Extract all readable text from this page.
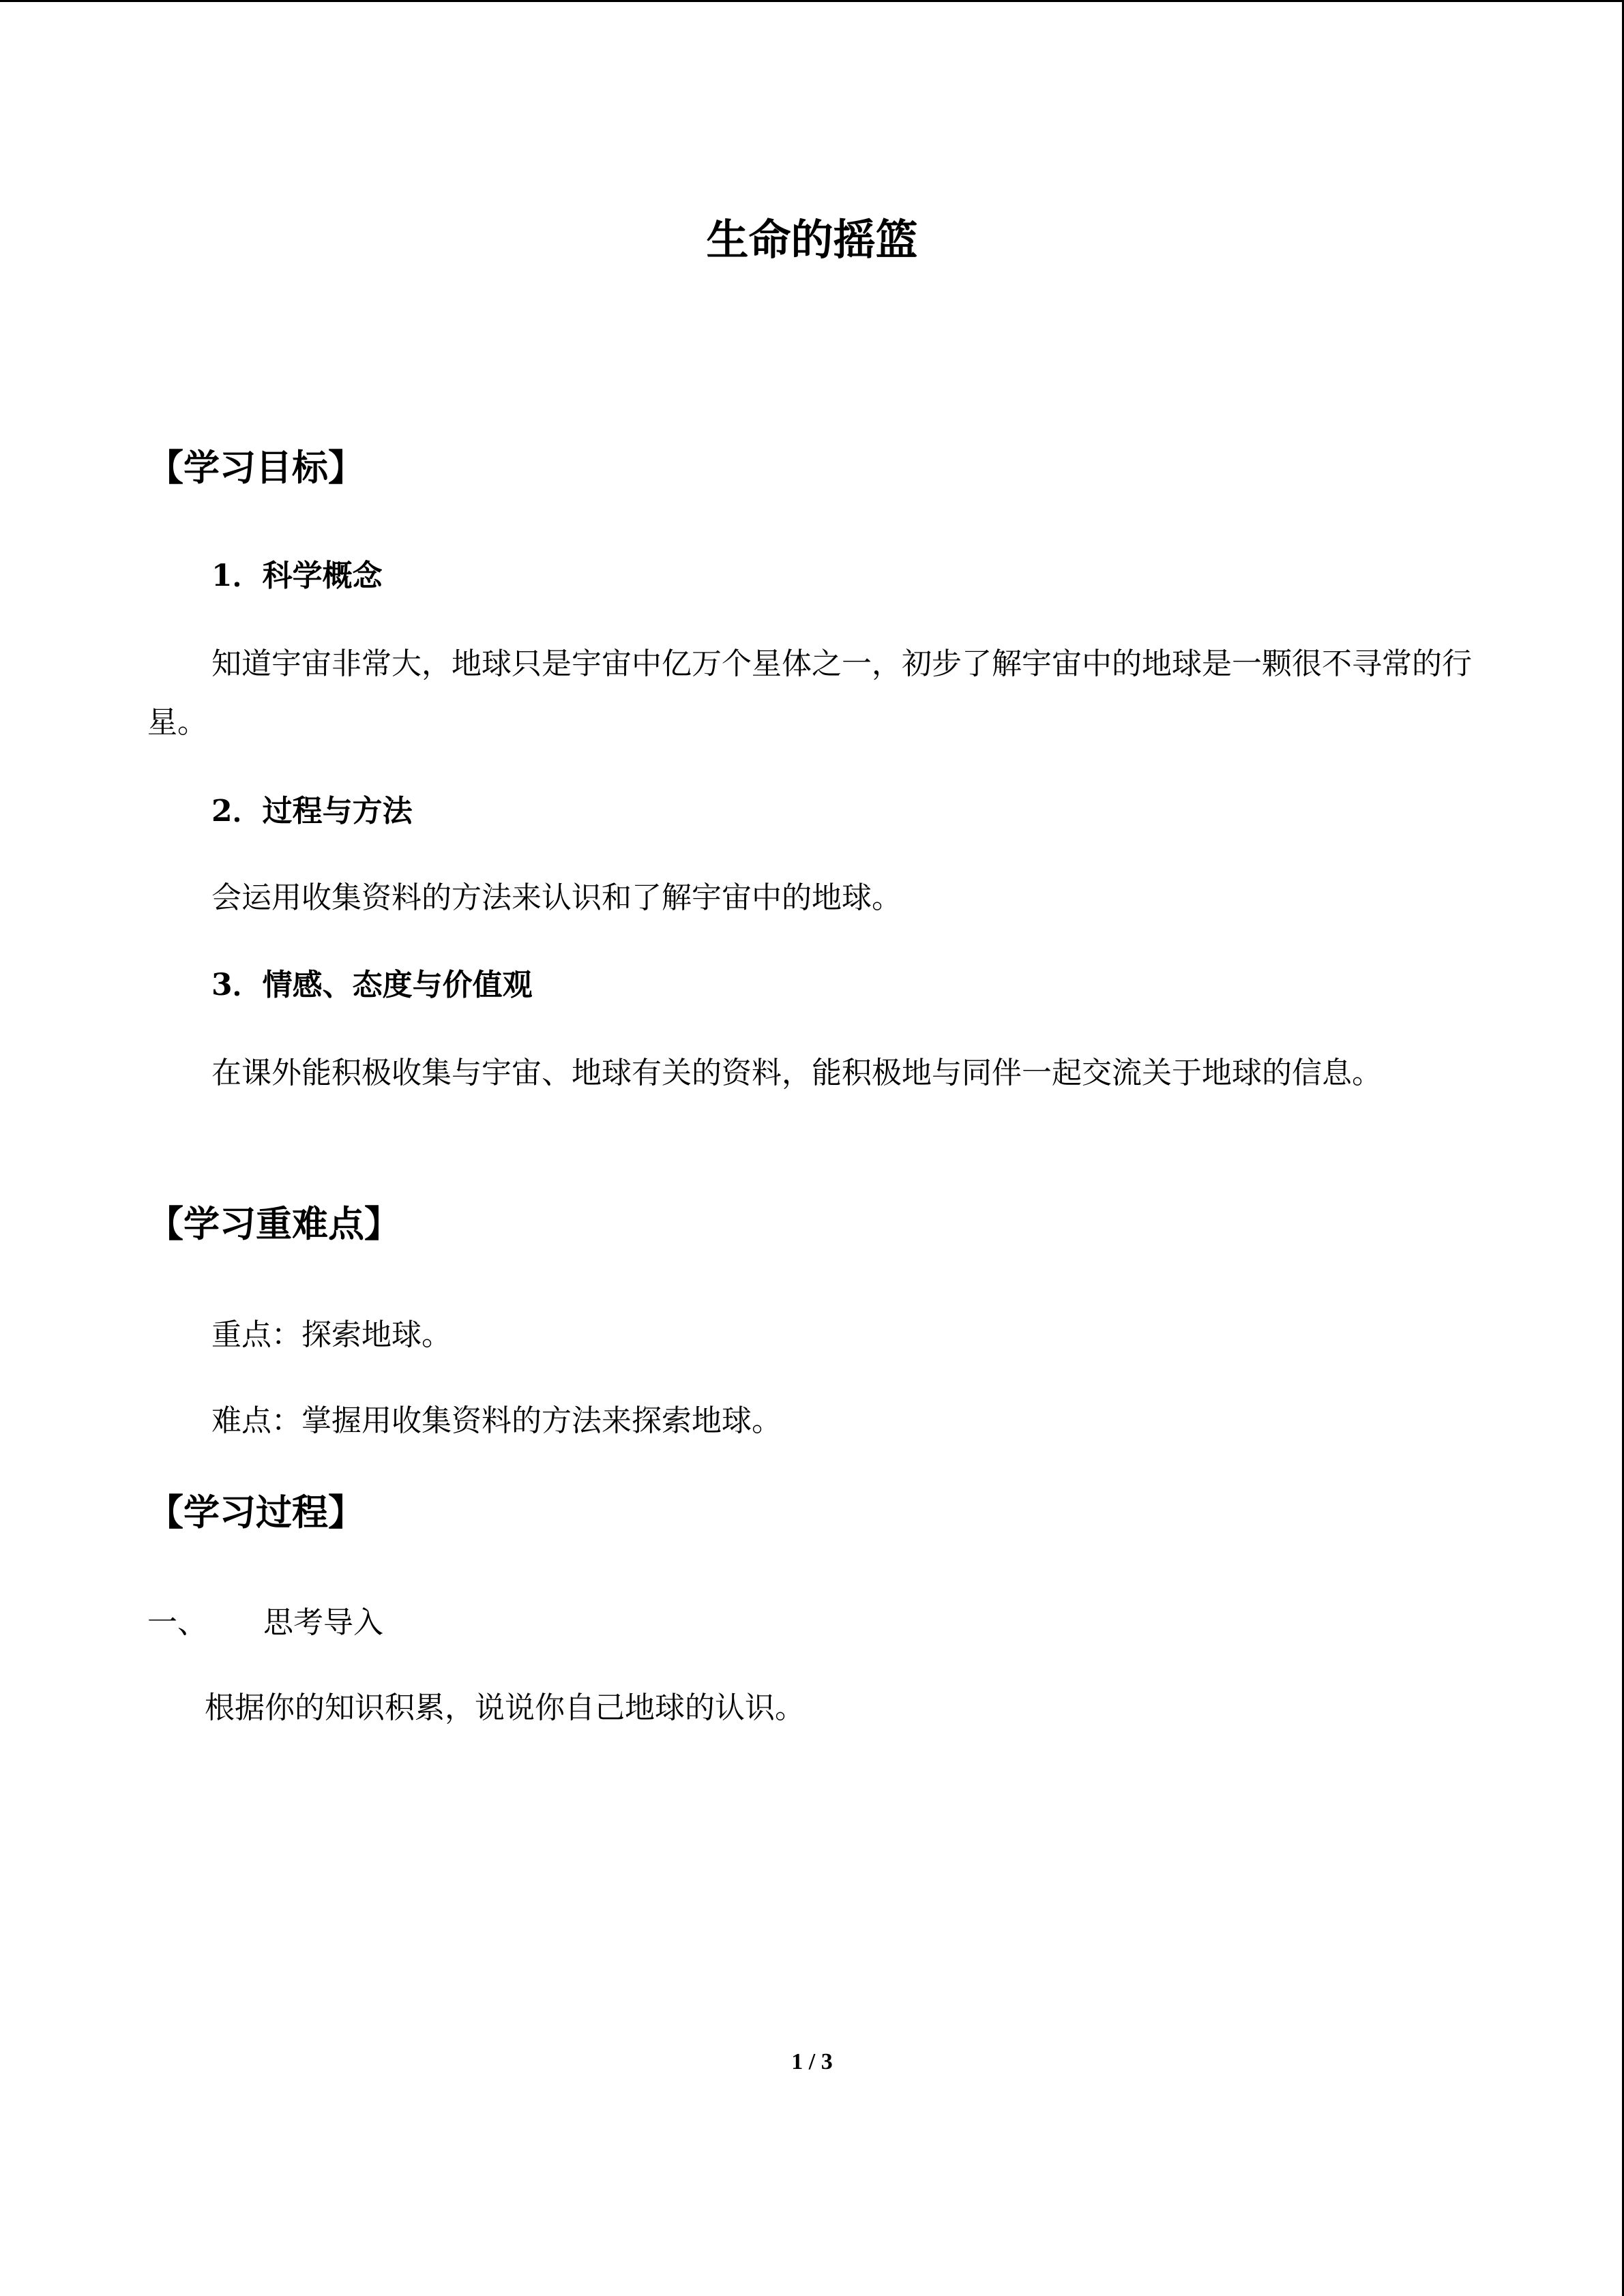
生命的摇篮
【学习目标】
1．科学概念

知道宇宙非常大，地球只是宇宙中亿万个星体之一，初步了解宇宙中的地球是一颗很不寻常的行星。

2．过程与方法

会运用收集资料的方法来认识和了解宇宙中的地球。

3．情感、态度与价值观

在课外能积极收集与宇宙、地球有关的资料，能积极地与同伴一起交流关于地球的信息。

【学习重难点】
重点：探索地球。
难点：掌握用收集资料的方法来探索地球。
【学习过程】
一、 思考导入
根据你的知识积累，说说你自己地球的认识。
1 / 3
